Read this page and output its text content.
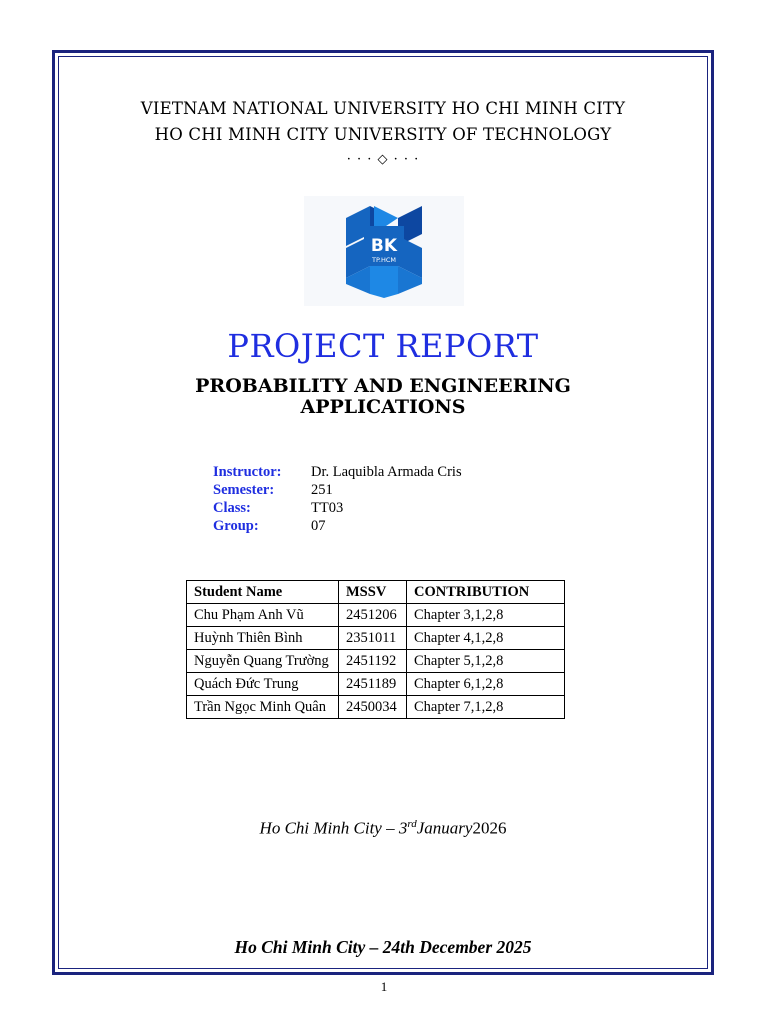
VIETNAM NATIONAL UNIVERSITY HO CHI MINH CITY
HO CHI MINH CITY UNIVERSITY OF TECHNOLOGY
· · · ◇ · · ·
BK
TP.HCM
PROJECT REPORT
PROBABILITY AND ENGINEERING APPLICATIONS
Instructor: Dr. Laquibla Armada Cris
Semester:	251
Class:	TT03
Group:	07
Student Name	MSSV	CONTRIBUTION
Chu Phạm Anh Vũ	2451206	Chapter 3,1,2,8
Huỳnh Thiên Bình	2351011	Chapter 4,1,2,8
Nguyễn Quang Trường	2451192	Chapter 5,1,2,8
Quách Đức Trung	2451189	Chapter 6,1,2,8
Trần Ngọc Minh Quân	2450034	Chapter 7,1,2,8
Ho Chi Minh City – 3rdJanuary2026
Ho Chi Minh City – 24th December 2025
1
